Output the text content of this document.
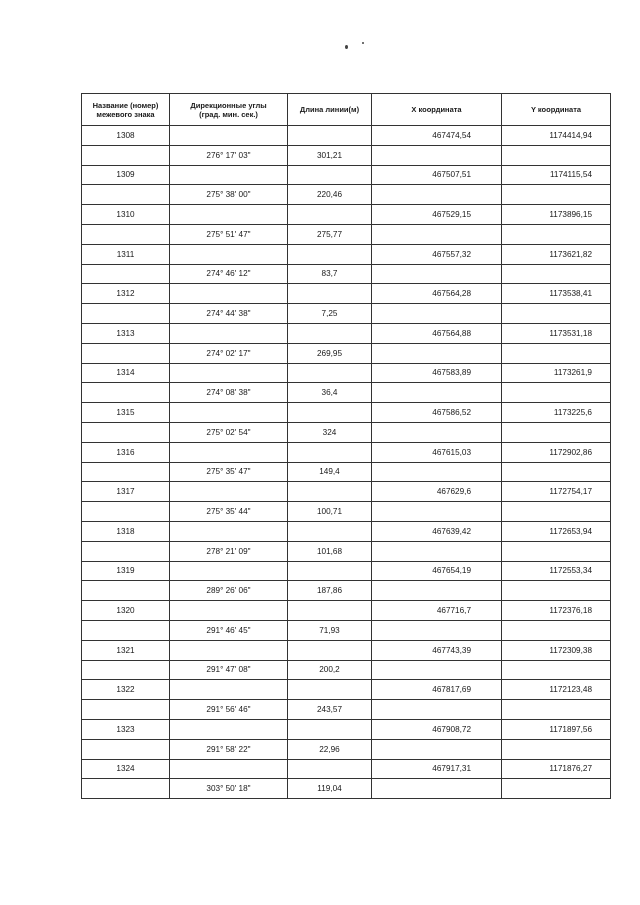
Название (номер)
межевого знака	Дирекционные углы
(град. мин. сек.)	Длина линии(м)	X координата	Y координата
1308			467474,54	1174414,94
	276° 17' 03"	301,21		
1309			467507,51	1174115,54
	275° 38' 00"	220,46		
1310			467529,15	1173896,15
	275° 51' 47"	275,77		
1311			467557,32	1173621,82
	274° 46' 12"	83,7		
1312			467564,28	1173538,41
	274° 44' 38"	7,25		
1313			467564,88	1173531,18
	274° 02' 17"	269,95		
1314			467583,89	1173261,9
	274° 08' 38"	36,4		
1315			467586,52	1173225,6
	275° 02' 54"	324		
1316			467615,03	1172902,86
	275° 35' 47"	149,4		
1317			467629,6	1172754,17
	275° 35' 44"	100,71		
1318			467639,42	1172653,94
	278° 21' 09"	101,68		
1319			467654,19	1172553,34
	289° 26' 06"	187,86		
1320			467716,7	1172376,18
	291° 46' 45"	71,93		
1321			467743,39	1172309,38
	291° 47' 08"	200,2		
1322			467817,69	1172123,48
	291° 56' 46"	243,57		
1323			467908,72	1171897,56
	291° 58' 22"	22,96		
1324			467917,31	1171876,27
	303° 50' 18"	119,04		
